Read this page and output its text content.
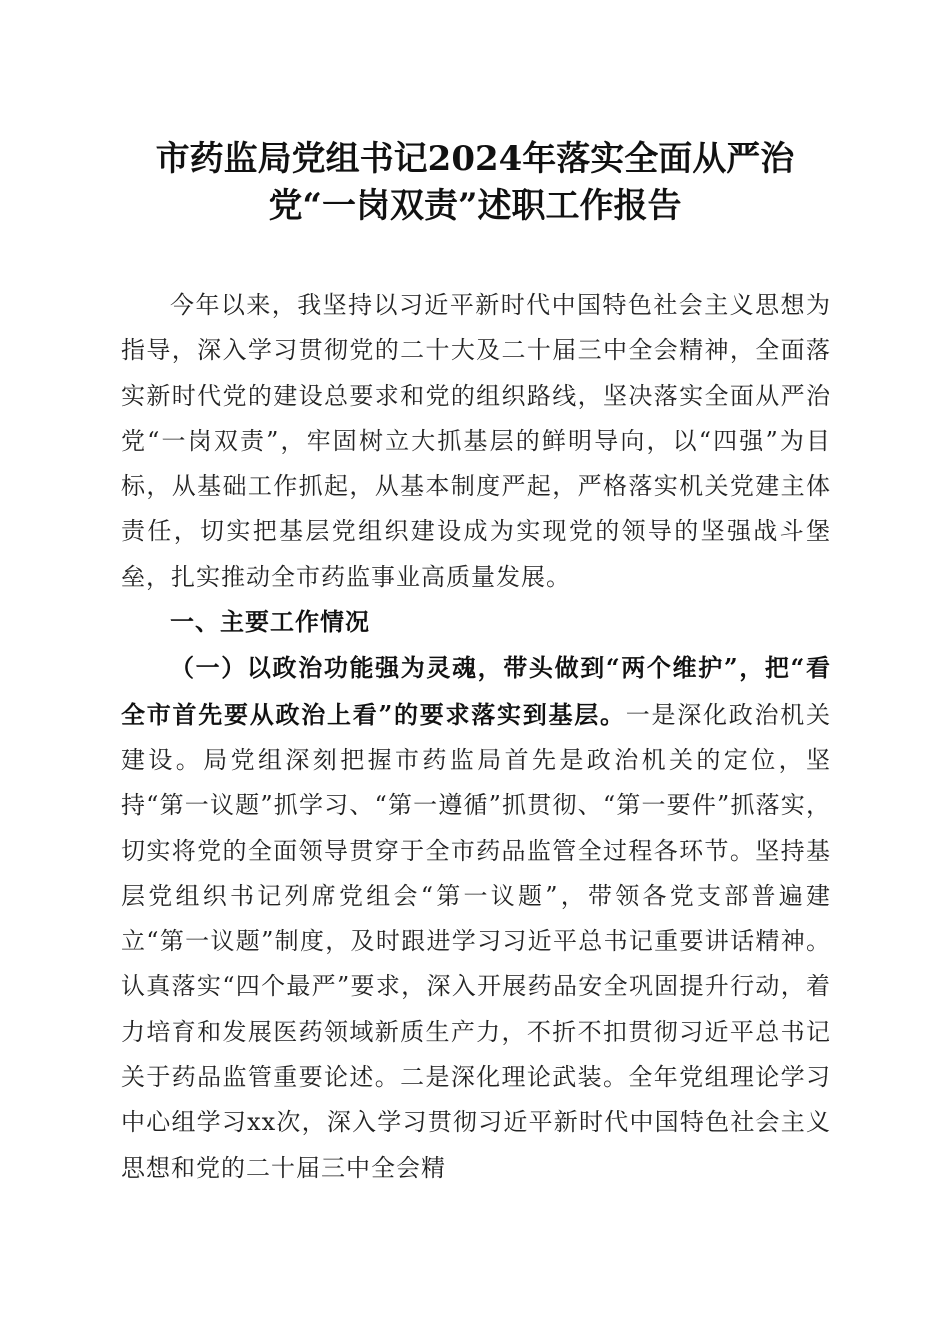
市药监局党组书记2024年落实全面从严治
党“一岗双责”述职工作报告

今年以来，我坚持以习近平新时代中国特色社会主义思想为指导，深入学习贯彻党的二十大及二十届三中全会精神，全面落实新时代党的建设总要求和党的组织路线，坚决落实全面从严治党“一岗双责”，牢固树立大抓基层的鲜明导向，以“四强”为目标，从基础工作抓起，从基本制度严起，严格落实机关党建主体责任，切实把基层党组织建设成为实现党的领导的坚强战斗堡垒，扎实推动全市药监事业高质量发展。

一、主要工作情况

（一）以政治功能强为灵魂，带头做到“两个维护”，把“看全市首先要从政治上看”的要求落实到基层。一是深化政治机关建设。局党组深刻把握市药监局首先是政治机关的定位，坚持“第一议题”抓学习、“第一遵循”抓贯彻、“第一要件”抓落实，切实将党的全面领导贯穿于全市药品监管全过程各环节。坚持基层党组织书记列席党组会“第一议题”，带领各党支部普遍建立“第一议题”制度，及时跟进学习习近平总书记重要讲话精神。认真落实“四个最严”要求，深入开展药品安全巩固提升行动，着力培育和发展医药领域新质生产力，不折不扣贯彻习近平总书记关于药品监管重要论述。二是深化理论武装。全年党组理论学习中心组学习xx次，深入学习贯彻习近平新时代中国特色社会主义思想和党的二十届三中全会精
